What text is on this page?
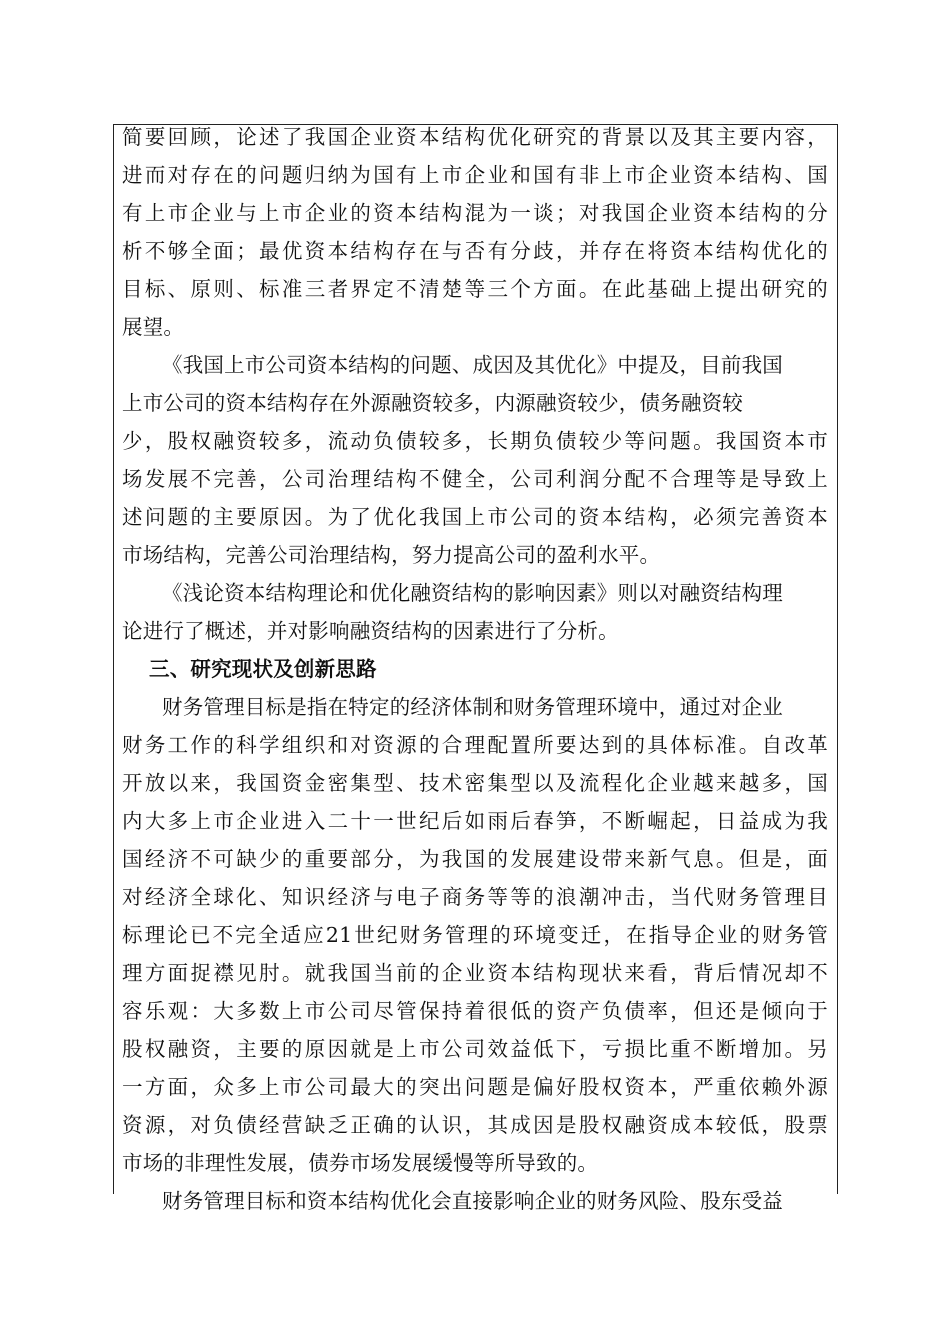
简要回顾，论述了我国企业资本结构优化研究的背景以及其主要内容，
进而对存在的问题归纳为国有上市企业和国有非上市企业资本结构、国
有上市企业与上市企业的资本结构混为一谈；对我国企业资本结构的分
析不够全面；最优资本结构存在与否有分歧，并存在将资本结构优化的
目标、原则、标准三者界定不清楚等三个方面。在此基础上提出研究的
展望。
《我国上市公司资本结构的问题、成因及其优化》中提及，目前我国
上市公司的资本结构存在外源融资较多，内源融资较少，债务融资较
少，股权融资较多，流动负债较多，长期负债较少等问题。我国资本市
场发展不完善，公司治理结构不健全，公司利润分配不合理等是导致上
述问题的主要原因。为了优化我国上市公司的资本结构，必须完善资本
市场结构，完善公司治理结构，努力提高公司的盈利水平。
《浅论资本结构理论和优化融资结构的影响因素》则以对融资结构理
论进行了概述，并对影响融资结构的因素进行了分析。
三、研究现状及创新思路
财务管理目标是指在特定的经济体制和财务管理环境中，通过对企业
财务工作的科学组织和对资源的合理配置所要达到的具体标准。自改革
开放以来，我国资金密集型、技术密集型以及流程化企业越来越多，国
内大多上市企业进入二十一世纪后如雨后春笋，不断崛起，日益成为我
国经济不可缺少的重要部分，为我国的发展建设带来新气息。但是，面
对经济全球化、知识经济与电子商务等等的浪潮冲击，当代财务管理目
标理论已不完全适应21世纪财务管理的环境变迁，在指导企业的财务管
理方面捉襟见肘。就我国当前的企业资本结构现状来看，背后情况却不
容乐观：大多数上市公司尽管保持着很低的资产负债率，但还是倾向于
股权融资，主要的原因就是上市公司效益低下，亏损比重不断增加。另
一方面，众多上市公司最大的突出问题是偏好股权资本，严重依赖外源
资源，对负债经营缺乏正确的认识，其成因是股权融资成本较低，股票
市场的非理性发展，债券市场发展缓慢等所导致的。
财务管理目标和资本结构优化会直接影响企业的财务风险、股东受益
